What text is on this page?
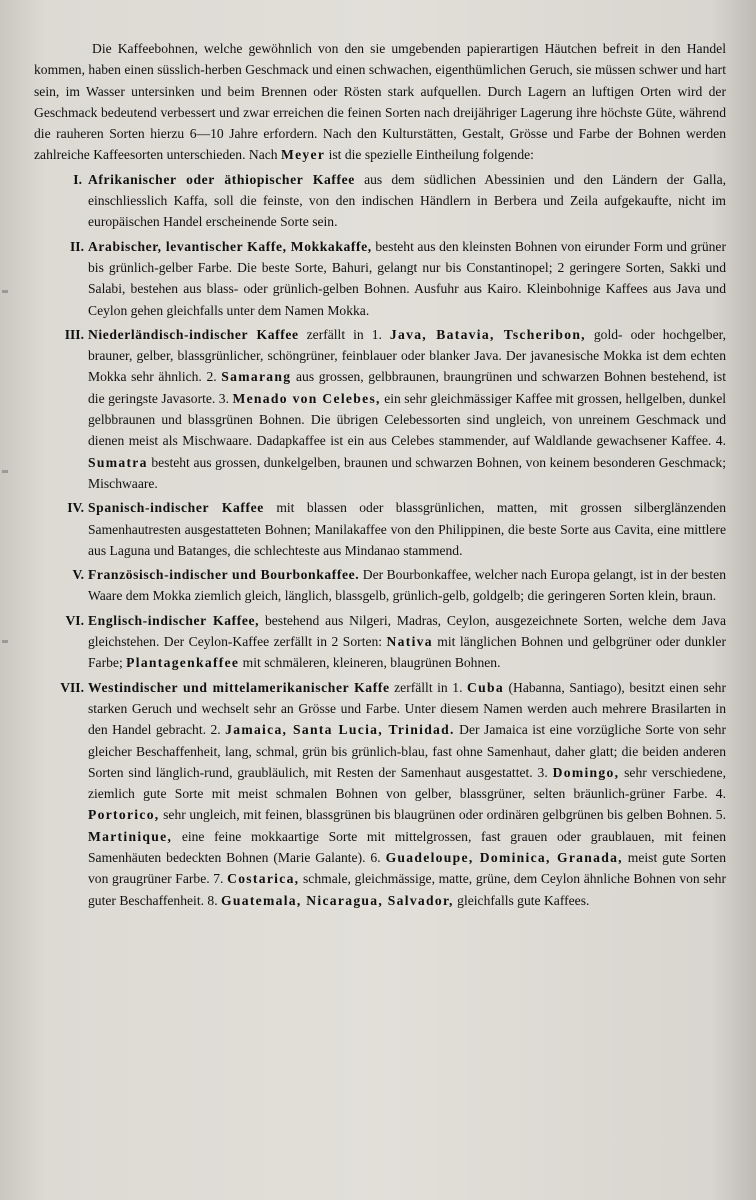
Die Kaffeebohnen, welche gewöhnlich von den sie umgebenden papierartigen Häutchen befreit in den Handel kommen, haben einen süsslich-herben Geschmack und einen schwachen, eigenthümlichen Geruch, sie müssen schwer und hart sein, im Wasser untersinken und beim Brennen oder Rösten stark aufquellen. Durch Lagern an luftigen Orten wird der Geschmack bedeutend verbessert und zwar erreichen die feinen Sorten nach dreijähriger Lagerung ihre höchste Güte, während die rauheren Sorten hierzu 6—10 Jahre erfordern. Nach den Kulturstätten, Gestalt, Grösse und Farbe der Bohnen werden zahlreiche Kaffeesorten unterschieden. Nach Meyer ist die spezielle Eintheilung folgende:

I. Afrikanischer oder äthiopischer Kaffee aus dem südlichen Abessinien und den Ländern der Galla, einschliesslich Kaffa, soll die feinste, von den indischen Händlern in Berbera und Zeila aufgekaufte, nicht im europäischen Handel erscheinende Sorte sein.

II. Arabischer, levantischer Kaffe, Mokkakaffe, besteht aus den kleinsten Bohnen von eirunder Form und grüner bis grünlich-gelber Farbe. Die beste Sorte, Bahuri, gelangt nur bis Constantinopel; 2 geringere Sorten, Sakki und Salabi, bestehen aus blass- oder grünlich-gelben Bohnen. Ausfuhr aus Kairo. Kleinbohnige Kaffees aus Java und Ceylon gehen gleichfalls unter dem Namen Mokka.

III. Niederländisch-indischer Kaffee zerfällt in 1. Java, Batavia, Tscheribon, gold- oder hochgelber, brauner, gelber, blassgrünlicher, schöngrüner, feinblauer oder blanker Java. Der javanesische Mokka ist dem echten Mokka sehr ähnlich. 2. Samarang aus grossen, gelbbraunen, braungrünen und schwarzen Bohnen bestehend, ist die geringste Javasorte. 3. Menado von Celebes, ein sehr gleichmässiger Kaffee mit grossen, hellgelben, dunkel gelbbraunen und blassgrünen Bohnen. Die übrigen Celebessorten sind ungleich, von unreinem Geschmack und dienen meist als Mischwaare. Dadapkaffee ist ein aus Celebes stammender, auf Waldlande gewachsener Kaffee. 4. Sumatra besteht aus grossen, dunkelgelben, braunen und schwarzen Bohnen, von keinem besonderen Geschmack; Mischwaare.

IV. Spanisch-indischer Kaffee mit blassen oder blassgrünlichen, matten, mit grossen silberglänzenden Samenhautresten ausgestatteten Bohnen; Manilakaffee von den Philippinen, die beste Sorte aus Cavita, eine mittlere aus Laguna und Batanges, die schlechteste aus Mindanao stammend.

V. Französisch-indischer und Bourbonkaffee. Der Bourbonkaffee, welcher nach Europa gelangt, ist in der besten Waare dem Mokka ziemlich gleich, länglich, blassgelb, grünlich-gelb, goldgelb; die geringeren Sorten klein, braun.

VI. Englisch-indischer Kaffee, bestehend aus Nilgeri, Madras, Ceylon, ausgezeichnete Sorten, welche dem Java gleichstehen. Der Ceylon-Kaffee zerfällt in 2 Sorten: Nativa mit länglichen Bohnen und gelbgrüner oder dunkler Farbe; Plantagenkaffee mit schmäleren, kleineren, blaugrünen Bohnen.

VII. Westindischer und mittelamerikanischer Kaffe zerfällt in 1. Cuba (Habanna, Santiago), besitzt einen sehr starken Geruch und wechselt sehr an Grösse und Farbe. Unter diesem Namen werden auch mehrere Brasilarten in den Handel gebracht. 2. Jamaica, Santa Lucia, Trinidad. Der Jamaica ist eine vorzügliche Sorte von sehr gleicher Beschaffenheit, lang, schmal, grün bis grünlich-blau, fast ohne Samenhaut, daher glatt; die beiden anderen Sorten sind länglich-rund, graubläulich, mit Resten der Samenhaut ausgestattet. 3. Domingo, sehr verschiedene, ziemlich gute Sorte mit meist schmalen Bohnen von gelber, blassgrüner, selten bräunlich-grüner Farbe. 4. Portorico, sehr ungleich, mit feinen, blassgrünen bis blaugrünen oder ordinären gelbgrünen bis gelben Bohnen. 5. Martinique, eine feine mokkaartige Sorte mit mittelgrossen, fast grauen oder graublauen, mit feinen Samenhäuten bedeckten Bohnen (Marie Galante). 6. Guadeloupe, Dominica, Granada, meist gute Sorten von graugrüner Farbe. 7. Costarica, schmale, gleichmässige, matte, grüne, dem Ceylon ähnliche Bohnen von sehr guter Beschaffenheit. 8. Guatemala, Nicaragua, Salvador, gleichfalls gute Kaffees.
